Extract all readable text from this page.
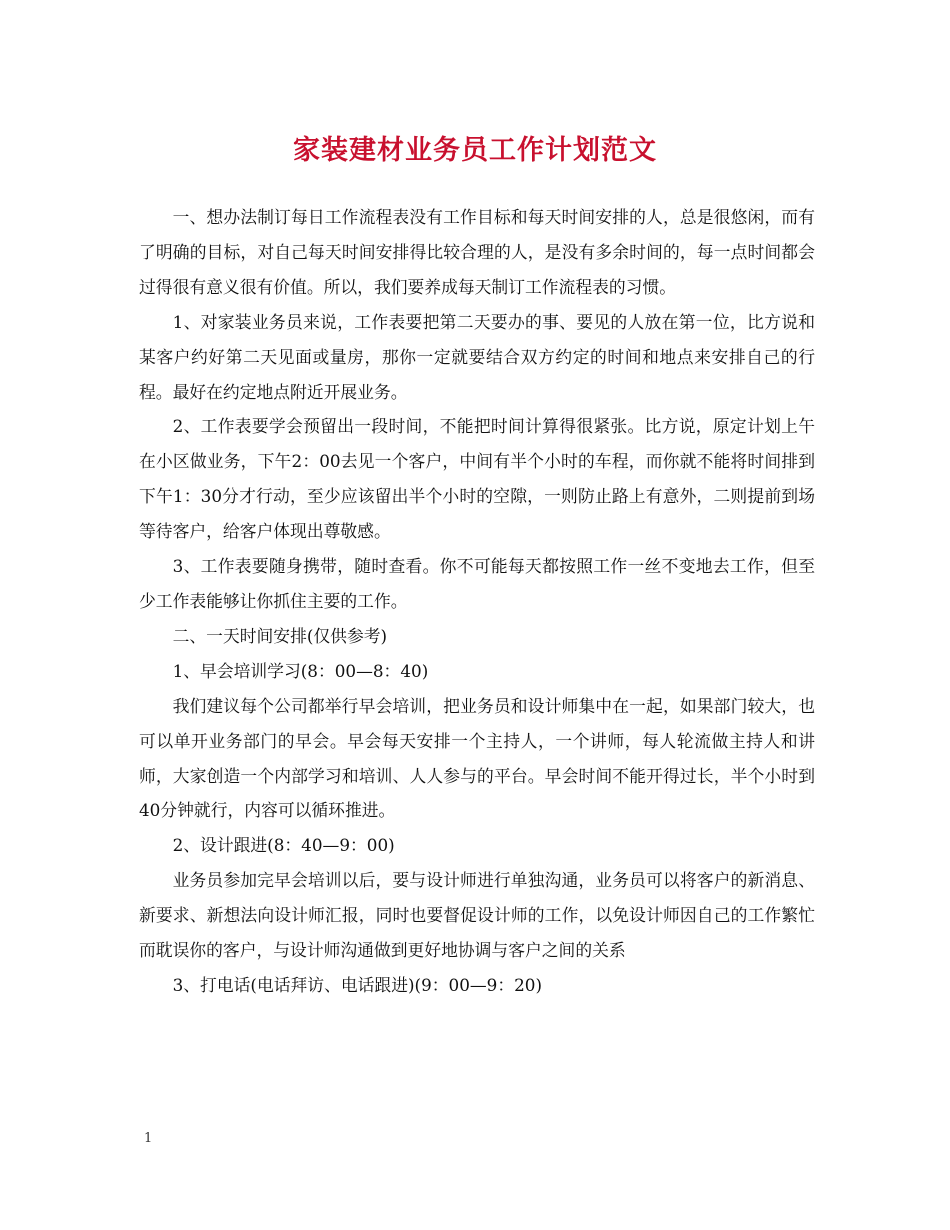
家装建材业务员工作计划范文

一、想办法制订每日工作流程表没有工作目标和每天时间安排的人，总是很悠闲，而有了明确的目标，对自己每天时间安排得比较合理的人，是没有多余时间的，每一点时间都会过得很有意义很有价值。所以，我们要养成每天制订工作流程表的习惯。

1、对家装业务员来说，工作表要把第二天要办的事、要见的人放在第一位，比方说和某客户约好第二天见面或量房，那你一定就要结合双方约定的时间和地点来安排自己的行程。最好在约定地点附近开展业务。

2、工作表要学会预留出一段时间，不能把时间计算得很紧张。比方说，原定计划上午在小区做业务，下午2：00去见一个客户，中间有半个小时的车程，而你就不能将时间排到下午1：30分才行动，至少应该留出半个小时的空隙，一则防止路上有意外，二则提前到场等待客户，给客户体现出尊敬感。

3、工作表要随身携带，随时查看。你不可能每天都按照工作一丝不变地去工作，但至少工作表能够让你抓住主要的工作。

二、一天时间安排(仅供参考)

1、早会培训学习(8：00—8：40)

我们建议每个公司都举行早会培训，把业务员和设计师集中在一起，如果部门较大，也可以单开业务部门的早会。早会每天安排一个主持人，一个讲师，每人轮流做主持人和讲师，大家创造一个内部学习和培训、人人参与的平台。早会时间不能开得过长，半个小时到40分钟就行，内容可以循环推进。

2、设计跟进(8：40—9：00)

业务员参加完早会培训以后，要与设计师进行单独沟通，业务员可以将客户的新消息、新要求、新想法向设计师汇报，同时也要督促设计师的工作，以免设计师因自己的工作繁忙而耽误你的客户，与设计师沟通做到更好地协调与客户之间的关系

3、打电话(电话拜访、电话跟进)(9：00—9：20)

1
